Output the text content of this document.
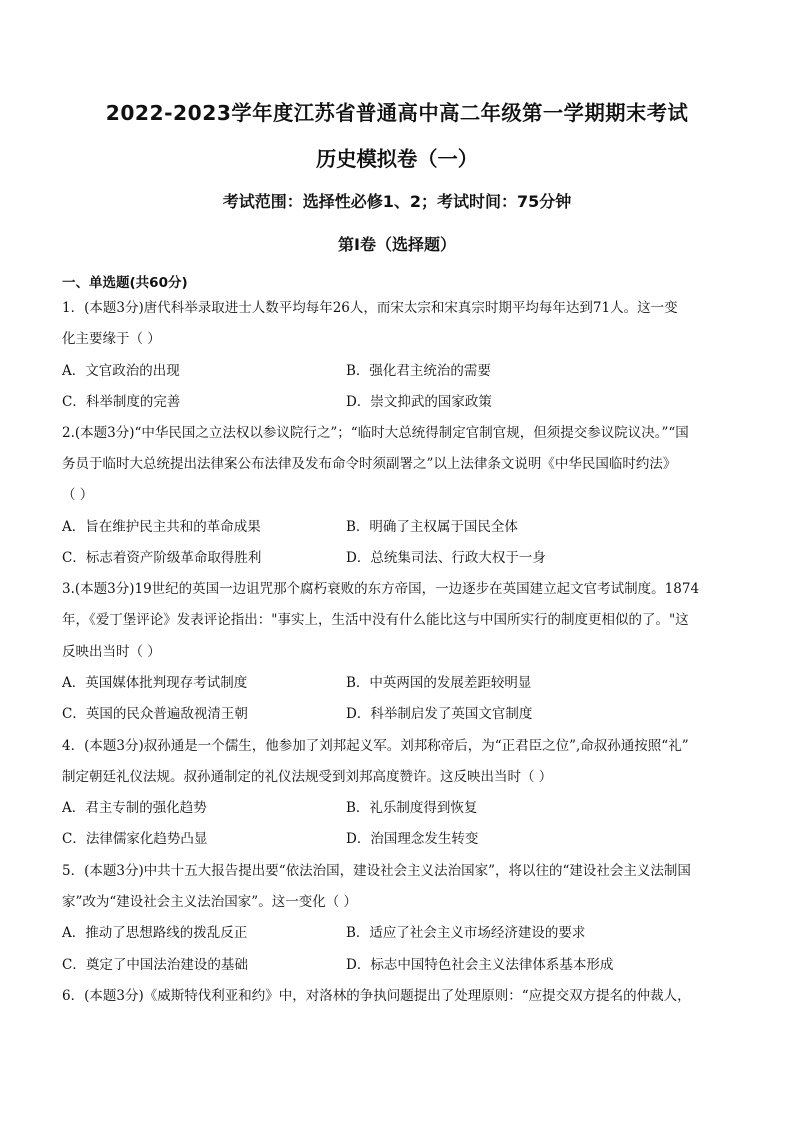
2022-2023学年度江苏省普通高中高二年级第一学期期末考试
历史模拟卷（一）
考试范围：选择性必修1、2；考试时间：75分钟
第Ⅰ卷（选择题）
一、单选题(共60分)
1．(本题3分)唐代科举录取进士人数平均每年26人，而宋太宗和宋真宗时期平均每年达到71人。这一变
化主要缘于（ ）
A．文官政治的出现	B．强化君主统治的需要
C．科举制度的完善	D．崇文抑武的国家政策
2.(本题3分)“中华民国之立法权以参议院行之”；“临时大总统得制定官制官规，但须提交参议院议决。”“国
务员于临时大总统提出法律案公布法律及发布命令时须副署之”以上法律条文说明《中华民国临时约法》
（ ）
A．旨在维护民主共和的革命成果	B．明确了主权属于国民全体
C．标志着资产阶级革命取得胜利	D．总统集司法、行政大权于一身
3.(本题3分)19世纪的英国一边诅咒那个腐朽衰败的东方帝国，一边逐步在英国建立起文官考试制度。1874
年，《爱丁堡评论》发表评论指出："事实上，生活中没有什么能比这与中国所实行的制度更相似的了。"这
反映出当时（ ）
A．英国媒体批判现存考试制度	B．中英两国的发展差距较明显
C．英国的民众普遍敌视清王朝	D．科举制启发了英国文官制度
4．(本题3分)叔孙通是一个儒生，他参加了刘邦起义军。刘邦称帝后，为“正君臣之位”,命叔孙通按照“礼”
制定朝廷礼仪法规。叔孙通制定的礼仪法规受到刘邦高度赞许。这反映出当时（ ）
A．君主专制的强化趋势	B．礼乐制度得到恢复
C．法律儒家化趋势凸显	D．治国理念发生转变
5．(本题3分)中共十五大报告提出要“依法治国，建设社会主义法治国家”，将以往的“建设社会主义法制国
家”改为“建设社会主义法治国家”。这一变化（ ）
A．推动了思想路线的拨乱反正	B．适应了社会主义市场经济建设的要求
C．奠定了中国法治建设的基础	D．标志中国特色社会主义法律体系基本形成
6．(本题3分)《威斯特伐利亚和约》中，对洛林的争执问题提出了处理原则：“应提交双方提名的仲裁人，
